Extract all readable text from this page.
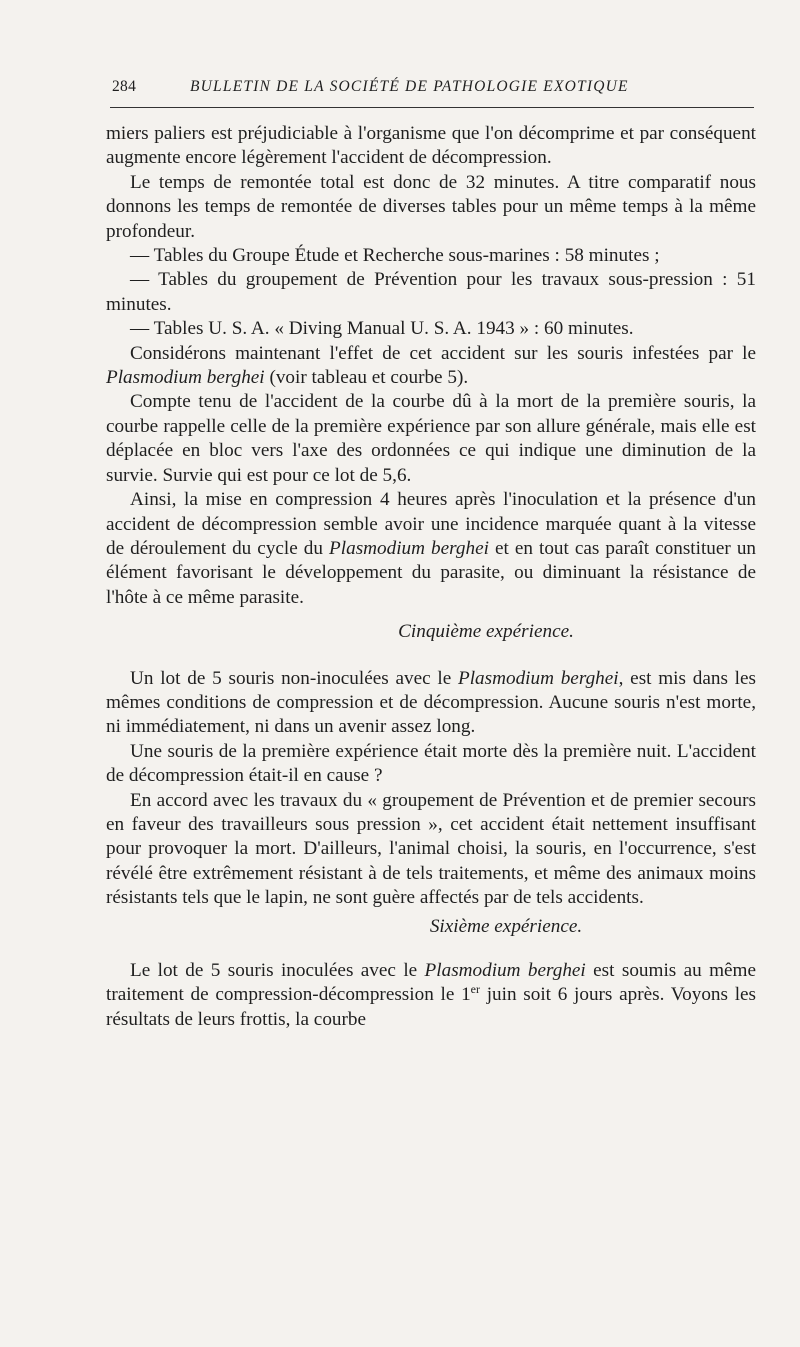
284	BULLETIN DE LA SOCIÉTÉ DE PATHOLOGIE EXOTIQUE

miers paliers est préjudiciable à l'organisme que l'on décomprime et par conséquent augmente encore légèrement l'accident de décompression.

Le temps de remontée total est donc de 32 minutes. A titre comparatif nous donnons les temps de remontée de diverses tables pour un même temps à la même profondeur.

— Tables du Groupe Étude et Recherche sous-marines : 58 minutes ;

— Tables du groupement de Prévention pour les travaux sous-pression : 51 minutes.

— Tables U. S. A. « Diving Manual U. S. A. 1943 » : 60 minutes.

Considérons maintenant l'effet de cet accident sur les souris infestées par le Plasmodium berghei (voir tableau et courbe 5).

Compte tenu de l'accident de la courbe dû à la mort de la première souris, la courbe rappelle celle de la première expérience par son allure générale, mais elle est déplacée en bloc vers l'axe des ordonnées ce qui indique une diminution de la survie. Survie qui est pour ce lot de 5,6.

Ainsi, la mise en compression 4 heures après l'inoculation et la présence d'un accident de décompression semble avoir une incidence marquée quant à la vitesse de déroulement du cycle du Plasmodium berghei et en tout cas paraît constituer un élément favorisant le développement du parasite, ou diminuant la résistance de l'hôte à ce même parasite.

Cinquième expérience.

Un lot de 5 souris non-inoculées avec le Plasmodium berghei, est mis dans les mêmes conditions de compression et de décompression. Aucune souris n'est morte, ni immédiatement, ni dans un avenir assez long.

Une souris de la première expérience était morte dès la première nuit. L'accident de décompression était-il en cause ?

En accord avec les travaux du « groupement de Prévention et de premier secours en faveur des travailleurs sous pression », cet accident était nettement insuffisant pour provoquer la mort. D'ailleurs, l'animal choisi, la souris, en l'occurrence, s'est révélé être extrêmement résistant à de tels traitements, et même des animaux moins résistants tels que le lapin, ne sont guère affectés par de tels accidents.

Sixième expérience.

Le lot de 5 souris inoculées avec le Plasmodium berghei est soumis au même traitement de compression-décompression le 1er juin soit 6 jours après. Voyons les résultats de leurs frottis, la courbe
